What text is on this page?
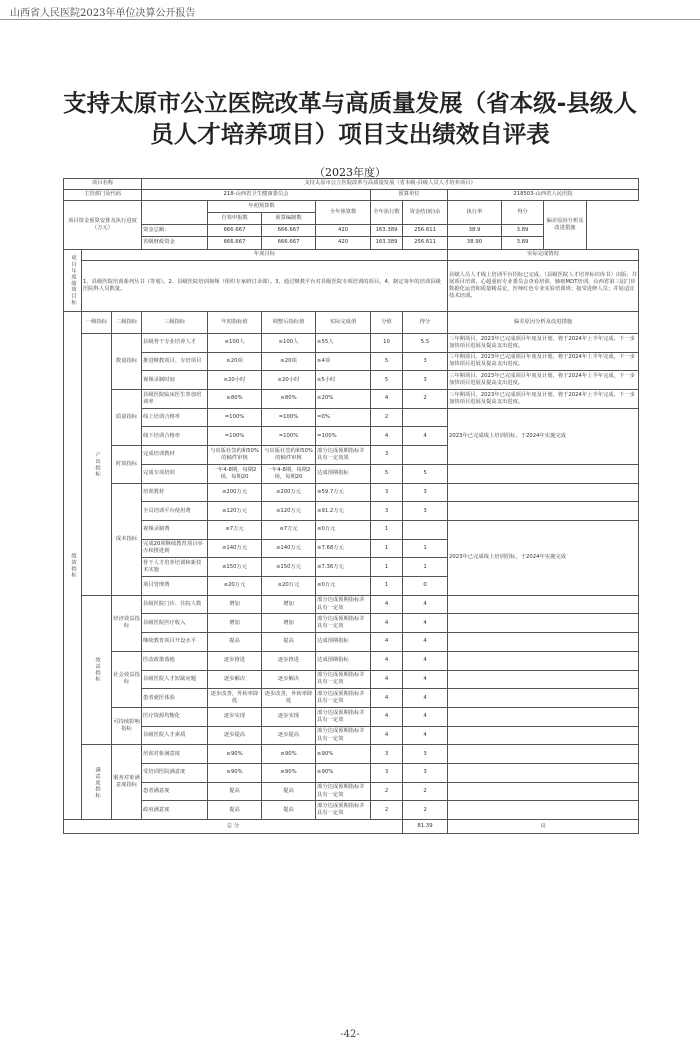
山西省人民医院2023年单位决算公开报告
支持太原市公立医院改革与高质量发展（省本级-县级人
员人才培养项目）项目支出绩效自评表
（2023年度）
项目名称			支持太原市公立医院改革与高质量发展（省本级-县级人员人才培养项目）								
主管部门及代码			218-山西省卫生健康委员会				预算单位		218503-山西省人民医院		
项目资金预算安排及执行进度（万元）				年初预算数		全年预算数	全年执行数	资金结(转)余	执行率	得分	偏差原因分析及改进措施
				自筹申报数	预算编制数						
			资金总额：	666.667	666.667	420	163.389	256.611	38.9	3.89	
			省级财政资金	666.667	666.667	420	163.389	256.611	38.90	3.89	
项目年度绩效目标	年度目标								实际完成情况		
	1、县级医院培训系列丛书（等划）。2、县级医院培训视频（组织专家研讨录课）。3、通过继教平台对县级医院专项培训的项目。4、制定每年的培训县级医院科人员数量。								县级人员人才线上培训平台招标已完成，（县级医院人才培养标识库书）出版；并展项目培训。心超重症专业委员会查看培训，肺癌MDT培训，山西省第三届门诊数据化运营和质量精益论，医师红色专业实验培训班；接受进修人员；并展适宜技术培训。		
绩效指标	一级指标	二级指标	三级指标	年初指标值	调整后指标值	实际完成值	分值	得分	偏差原因分析及改进措施		
	产出指标	数量指标	县级骨干专业培养人才	≥100人	≥100人	≥55人	10	5.5	三年期项目，2023年已完成项目年度及计划，将于2024年上半年完成，下一步加快项目进展及提高支出进度。		
			推进继教项目、专培项目	≥20项	≥20项	≥4项	5	3	三年期项目，2023年已完成项目年度及计划，将于2024年上半年完成，下一步加快项目进展及提高支出进度。		
			视频录制时间	≥20小时	≥20小时	≥5小时	5	3	三年期项目，2023年已完成项目年度及计划，将于2024年上半年完成，下一步加快项目进展及提高支出进度。		
		质量指标	县级医院临床医生参加培训率	≥80%	≥80%	≥20%	4	2	三年期项目，2023年已完成项目年度及计划，将于2024年上半年完成，下一步加快项目进展及提高支出进度。		
			线上培训合格率	=100%	=100%	=0%	2		2023年已完成线上培训招标，于2024年实施完成		
			线下培训合格率	=100%	=100%	=100%	4	4			
		时效指标	完成培训教材	与出版社签约和50%的稿件审核	与出版社签约和50%的稿件审核	部分达成预期指标并具有一定效果	3				
			完成专项培训	一年4-8期，每期2场，每期20	一年4-8期，每期2场，每期20	达成预期指标	5	5			
		成本指标	培训教材	≤200万元	≤200万元	≤59.7万元	3	3			
			全员培训平台使用费	≤120万元	≤120万元	≤91.2万元	3	3			
			视频录制费	≤7万元	≤7万元	≤0万元	1		2023年已完成线上培训招标，于2024年实施完成		
			完成20项继续教育项目举办和推进到	≤140万元	≤140万元	≤7.68万元	1	1			
			骨干人才培养培训和新技术实施	≤150万元	≤150万元	≤7.36万元	1	1			
			项目管理费	≤20万元	≤20万元	≤0万元	1	0			
	效益指标	经济效益指标	县级医院门诊、住院人数	增加	增加	部分达成预期指标并具有一定效	4	4			
			县级医院医疗收入	增加	增加	部分达成预期指标并具有一定效	4	4			
			继续教育项目开设水平	提高	提高	达成预期指标	4	4			
		社会效益指标	医改政策落地	逐步推进	逐步推进	达成预期指标	4	4			
			县级医院人才短缺问题	逐步解决	逐步解决	部分达成预期指标并具有一定效	4	4			
			患者就医体验	逐步改善，外转率降低	逐步改善，外转率降低	部分达成预期指标并具有一定效	4	4			
		可持续影响指标	医疗资源均衡化	逐步实现	逐步实现	部分达成预期指标并具有一定效	4	4			
			县级医院人才素质	逐步提高	逐步提高	部分达成预期指标并具有一定效	4	4			
	满意度指标	服务对象满意度指标	培训对象满意度	≥90%	≥90%	≥90%	3	3			
			受培训医院满意度	≥90%	≥90%	≥90%	3	3			
			患者满意度	提高	提高	部分达成预期指标并具有一定效	2	2			
			政府满意度	提高	提高	部分达成预期指标并具有一定效	2	2			
总 分								81.39	良		
-42-
